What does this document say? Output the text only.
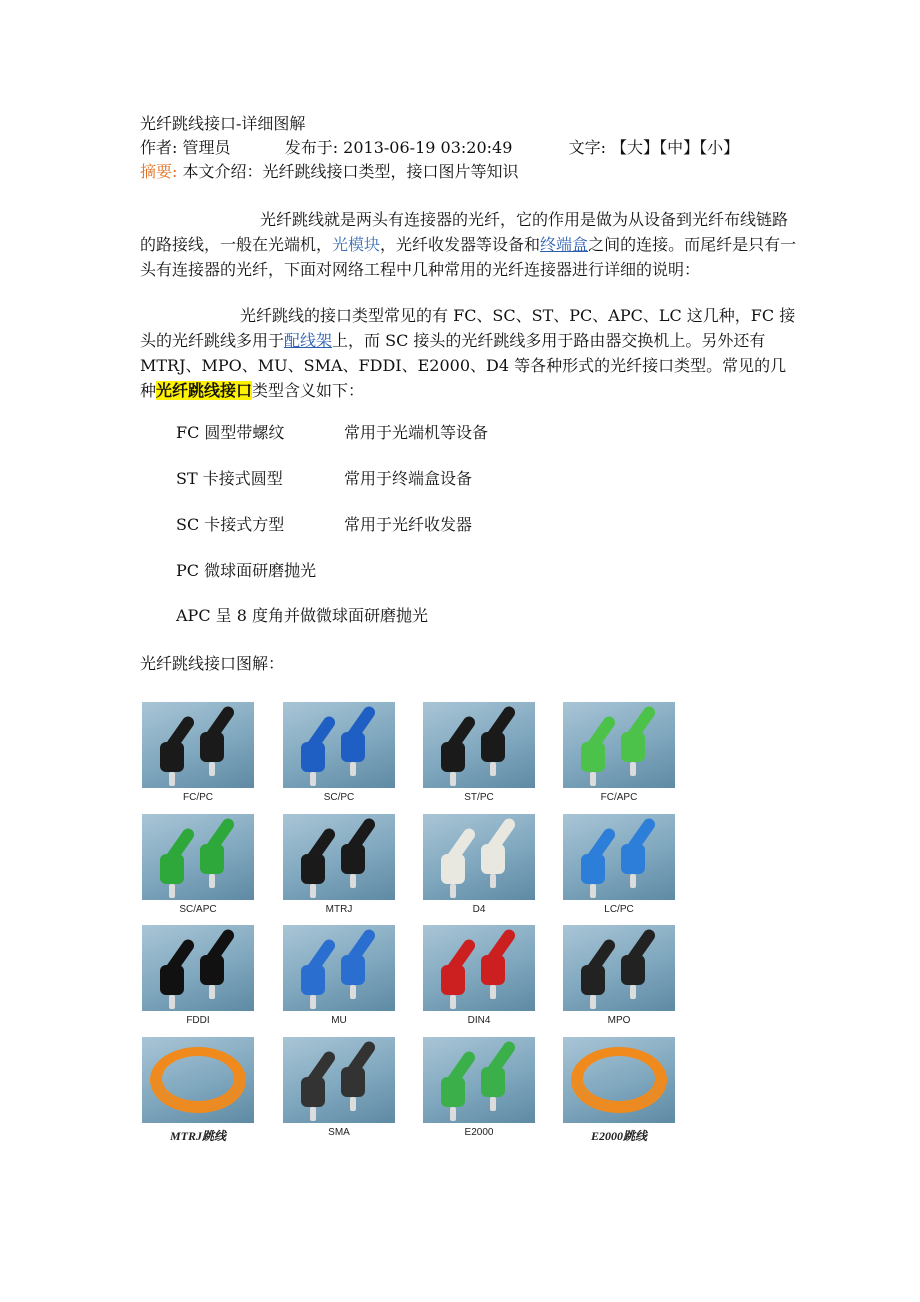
光纤跳线接口-详细图解
作者: 管理员	发布于: 2013-06-19 03:20:49	文字: 【大】【中】【小】
摘要: 本文介绍：光纤跳线接口类型，接口图片等知识
光纤跳线就是两头有连接器的光纤，它的作用是做为从设备到光纤布线链路的路接线，一般在光端机，光模块，光纤收发器等设备和终端盒之间的连接。而尾纤是只有一头有连接器的光纤，下面对网络工程中几种常用的光纤连接器进行详细的说明：
光纤跳线的接口类型常见的有 FC、SC、ST、PC、APC、LC 这几种，FC 接头的光纤跳线多用于配线架上，而 SC 接头的光纤跳线多用于路由器交换机上。另外还有 MTRJ、MPO、MU、SMA、FDDI、E2000、D4 等各种形式的光纤接口类型。常见的几种光纤跳线接口类型含义如下：
FC 圆型带螺纹	常用于光端机等设备
ST 卡接式圆型	常用于终端盒设备
SC 卡接式方型	常用于光纤收发器
PC 微球面研磨抛光
APC 呈 8 度角并做微球面研磨抛光
光纤跳线接口图解：
FC/PC	SC/PC	ST/PC	FC/APC
SC/APC	MTRJ	D4	LC/PC
FDDI	MU	DIN4	MPO
MTRJ跳线	SMA	E2000	E2000跳线
